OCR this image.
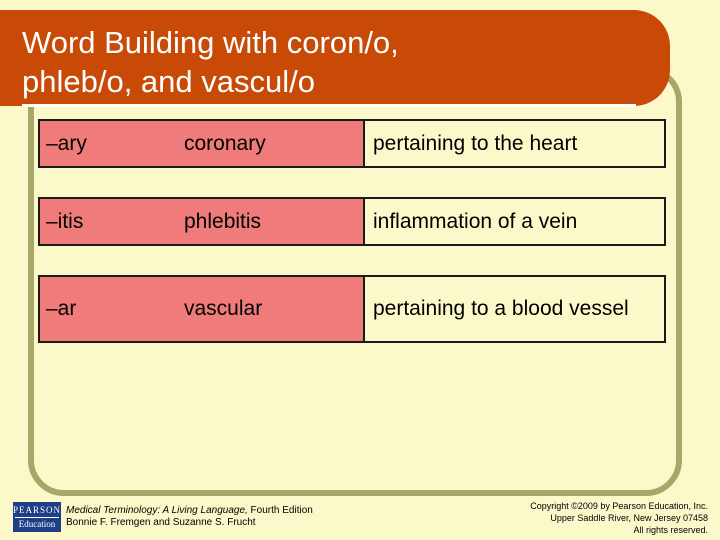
Word Building with coron/o,
phleb/o, and vascul/o
–ary	coronary	pertaining to the heart
–itis	phlebitis	inflammation of a vein
–ar	vascular	pertaining to a blood vessel
PEARSON
Education
Medical Terminology: A Living Language, Fourth Edition
Bonnie F. Fremgen and Suzanne S. Frucht
Copyright ©2009 by Pearson Education, Inc.
Upper Saddle River, New Jersey 07458
All rights reserved.
